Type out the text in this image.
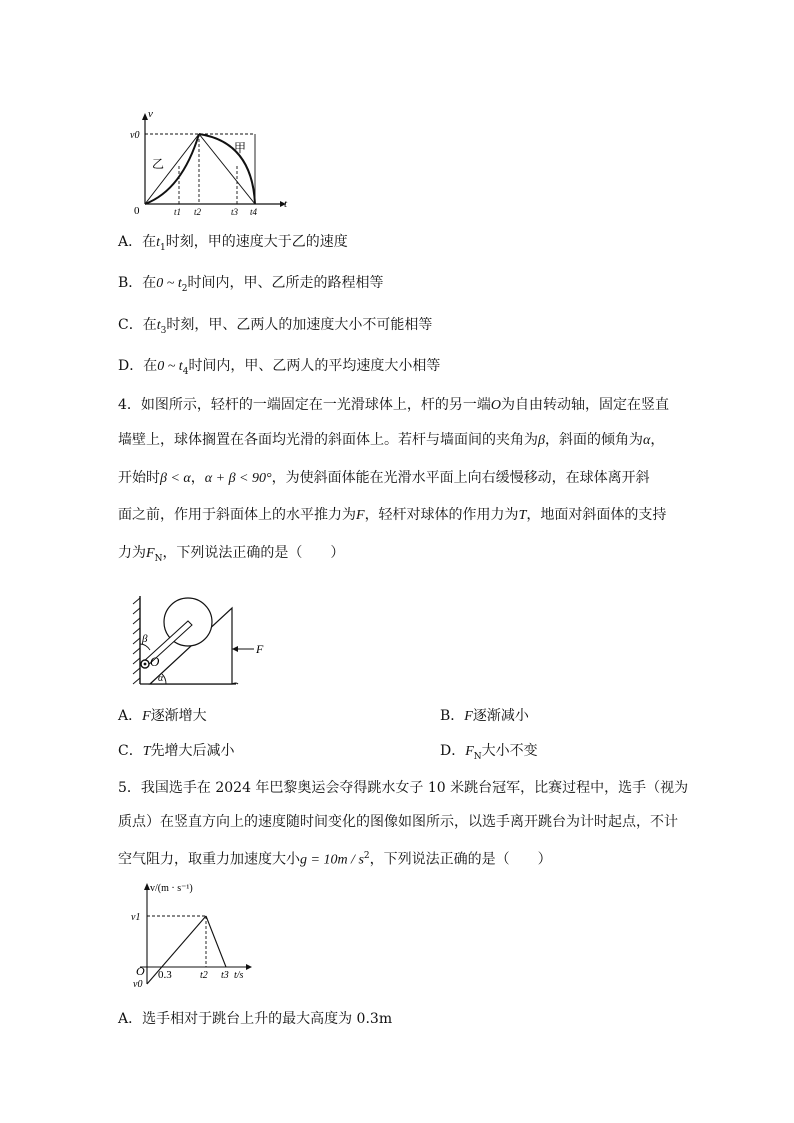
v
t
0
v0
t1 t2	t3 t4
甲
乙
A．在$t_1$时刻，甲的速度大于乙的速度
B．在0 ~ $t_2$时间内，甲、乙所走的路程相等
C．在$t_3$时刻，甲、乙两人的加速度大小不可能相等
D．在0 ~ $t_4$时间内，甲、乙两人的平均速度大小相等
4．如图所示，轻杆的一端固定在一光滑球体上，杆的另一端O为自由转动轴，固定在竖直
墙壁上，球体搁置在各面均光滑的斜面体上。若杆与墙面间的夹角为β，斜面的倾角为α，
开始时β < α，α + β < 90°，为使斜面体能在光滑水平面上向右缓慢移动，在球体离开斜
面之前，作用于斜面体上的水平推力为F，轻杆对球体的作用力为T，地面对斜面体的支持
力为$F_N$，下列说法正确的是（　　）
β
O
α
F
A．F逐渐增大	B．F逐渐减小
C．T先增大后减小	D．$F_N$大小不变
5．我国选手在 2024 年巴黎奥运会夺得跳水女子 10 米跳台冠军，比赛过程中，选手（视为
质点）在竖直方向上的速度随时间变化的图像如图所示，以选手离开跳台为计时起点，不计
空气阻力，取重力加速度大小$g = 10m / s^2$，下列说法正确的是（　　）
v/(m · s⁻¹)
v1
v0
O 0.3	t2 t3 t/s
A．选手相对于跳台上升的最大高度为 0.3m
